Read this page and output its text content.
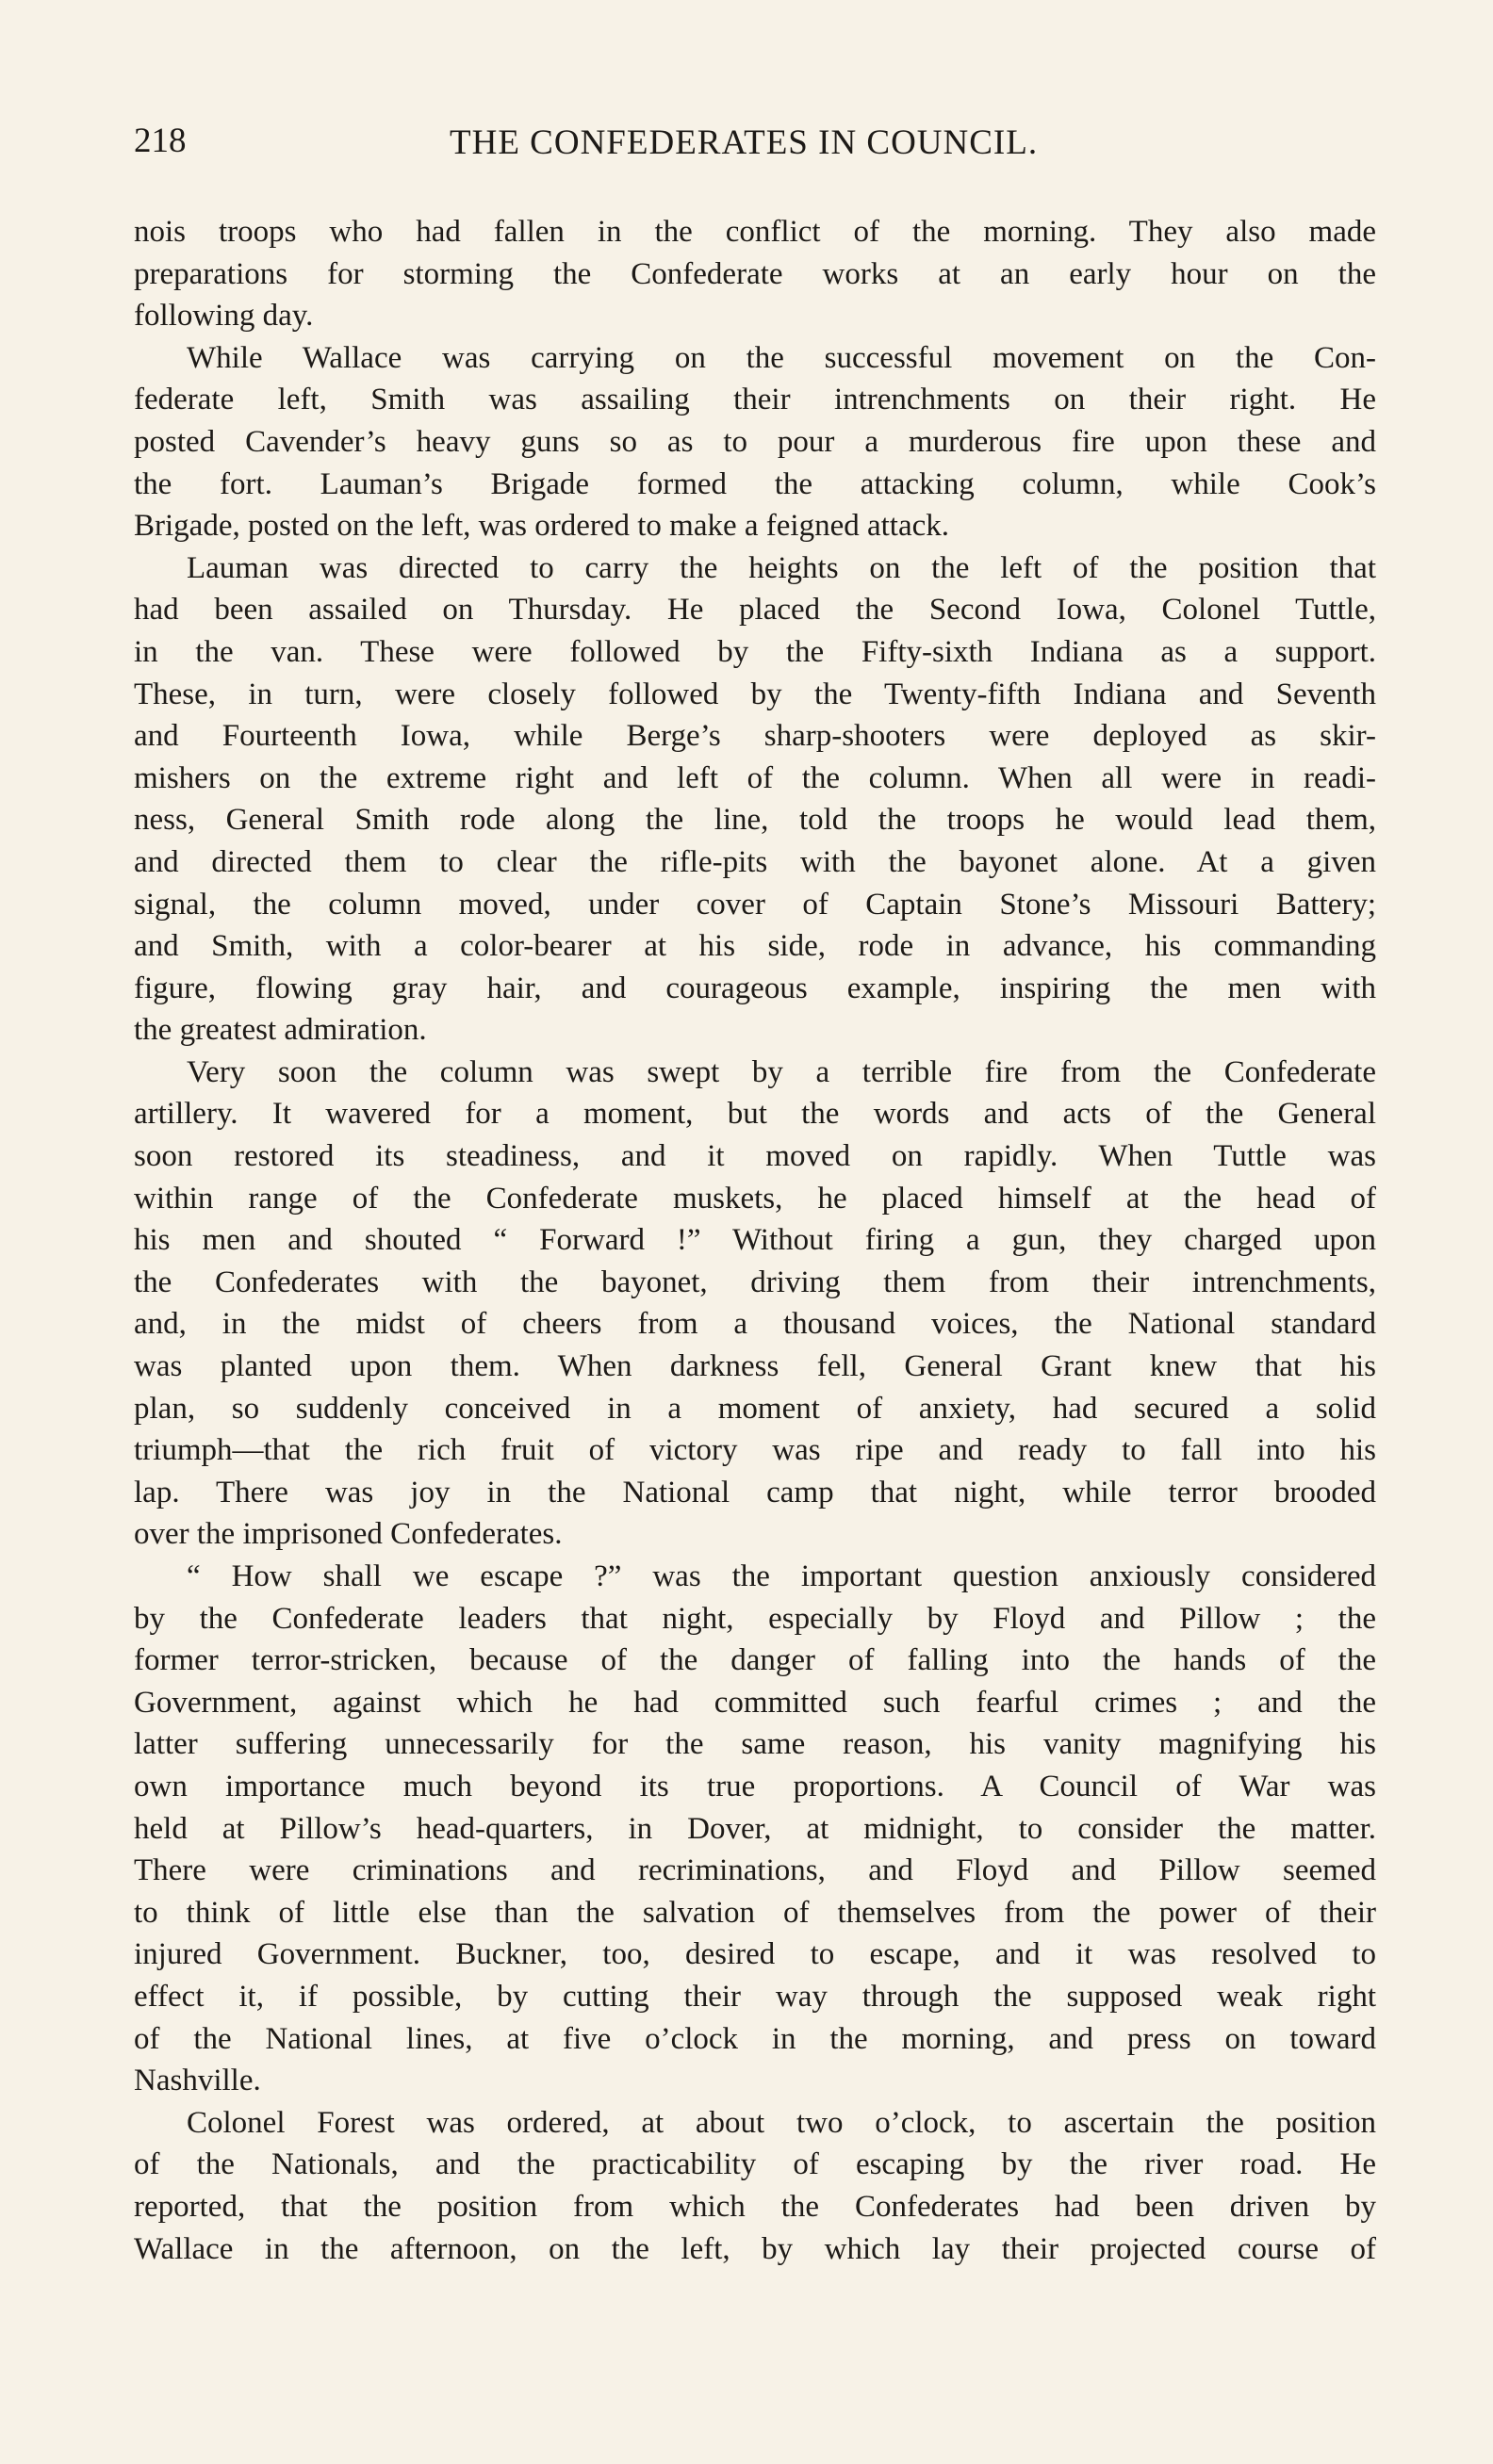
218	THE CONFEDERATES IN COUNCIL.
nois troops who had fallen in the conflict of the morning. They also made
preparations for storming the Confederate works at an early hour on the
following day.
While Wallace was carrying on the successful movement on the Con-
federate left, Smith was assailing their intrenchments on their right. He
posted Cavender’s heavy guns so as to pour a murderous fire upon these and
the fort. Lauman’s Brigade formed the attacking column, while Cook’s
Brigade, posted on the left, was ordered to make a feigned attack.
Lauman was directed to carry the heights on the left of the position that
had been assailed on Thursday. He placed the Second Iowa, Colonel Tuttle,
in the van. These were followed by the Fifty-sixth Indiana as a support.
These, in turn, were closely followed by the Twenty-fifth Indiana and Seventh
and Fourteenth Iowa, while Berge’s sharp-shooters were deployed as skir-
mishers on the extreme right and left of the column. When all were in readi-
ness, General Smith rode along the line, told the troops he would lead them,
and directed them to clear the rifle-pits with the bayonet alone. At a given
signal, the column moved, under cover of Captain Stone’s Missouri Battery;
and Smith, with a color-bearer at his side, rode in advance, his commanding
figure, flowing gray hair, and courageous example, inspiring the men with
the greatest admiration.
Very soon the column was swept by a terrible fire from the Confederate
artillery. It wavered for a moment, but the words and acts of the General
soon restored its steadiness, and it moved on rapidly. When Tuttle was
within range of the Confederate muskets, he placed himself at the head of
his men and shouted “ Forward !” Without firing a gun, they charged upon
the Confederates with the bayonet, driving them from their intrenchments,
and, in the midst of cheers from a thousand voices, the National standard
was planted upon them. When darkness fell, General Grant knew that his
plan, so suddenly conceived in a moment of anxiety, had secured a solid
triumph—that the rich fruit of victory was ripe and ready to fall into his
lap. There was joy in the National camp that night, while terror brooded
over the imprisoned Confederates.
“ How shall we escape ?” was the important question anxiously considered
by the Confederate leaders that night, especially by Floyd and Pillow ; the
former terror-stricken, because of the danger of falling into the hands of the
Government, against which he had committed such fearful crimes ; and the
latter suffering unnecessarily for the same reason, his vanity magnifying his
own importance much beyond its true proportions. A Council of War was
held at Pillow’s head-quarters, in Dover, at midnight, to consider the matter.
There were criminations and recriminations, and Floyd and Pillow seemed
to think of little else than the salvation of themselves from the power of their
injured Government. Buckner, too, desired to escape, and it was resolved to
effect it, if possible, by cutting their way through the supposed weak right
of the National lines, at five o’clock in the morning, and press on toward
Nashville.
Colonel Forest was ordered, at about two o’clock, to ascertain the position
of the Nationals, and the practicability of escaping by the river road. He
reported, that the position from which the Confederates had been driven by
Wallace in the afternoon, on the left, by which lay their projected course of
